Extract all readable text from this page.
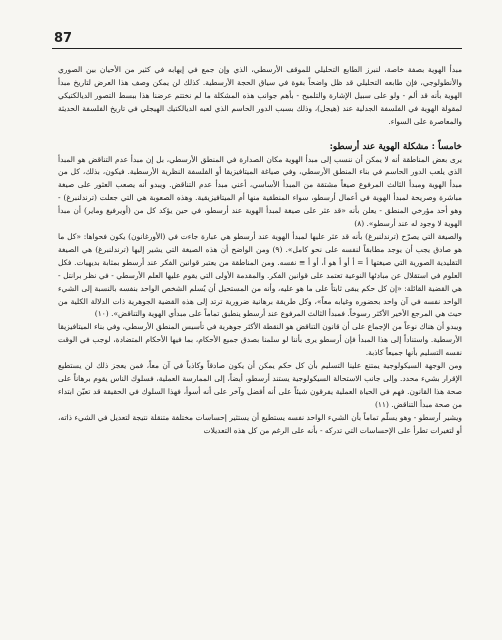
87

مبدأ الهوية بصفة خاصة، لنبرز الطابع التحليلي للموقف الأرسطي، الذي وإن جمع في إيهابه في كثير من الأحيان بين الصوري والأنطولوجي، فإن طابعه التحليلي قد ظل واضحاً بقوة في سياق الحجة الأرسطية. كذلك لن يمكن وصف هذا العرض لتاريخ مبدأ الهوية بأنه قد ألم - ولو على سبيل الإشارة والتلميح - بأهم جوانب هذه المشكلة ما لم نختتم عرضنا هذا ببسط التصور الديالكتيكي لمقولة الهوية في الفلسفة الجدلية عند (هيجل)، وذلك بسبب الدور الحاسم الذي لعبه الديالكتيك الهيجلي في تاريخ الفلسفة الحديثة والمعاصرة على السواء.

خامساً : مشكلة الهوية عند أرسطو:

يرى بعض المناطقة أنه لا يمكن أن ننسب إلى مبدأ الهوية مكان الصدارة في المنطق الأرسطي، بل إن مبدأ عدم التناقض هو المبدأ الذي يلعب الدور الحاسم في بناء المنطق الأرسطي، وفي صياغة الميتافيزيقا أو الفلسفة النظرية الأرسطية. فيكون، بذلك، كل من مبدأ الهوية ومبدأ الثالث المرفوع صيغاً مشتقة من المبدأ الأساسي، أعني مبدأ عدم التناقض. ويبدو أنه يصعب العثور على صيغة مباشرة وصريحة لمبدأ الهوية في أعمال أرسطو، سواء المنطقية منها أم الميتافيزيقية. وهذه الصعوبة هي التي جعلت (ترندلنبرغ) - وهو أحد مؤرخي المنطق - يعلن بأنه «قد عثر على صيغة لمبدأ الهوية عند أرسطو، في حين يؤكد كل من (أويرفيغ وماير) أن مبدأ الهوية لا وجود له عند أرسطو». (٨)

والصيغة التي يصرّح (ترندلنبرغ) بأنه قد عثر عليها لمبدأ الهوية عند أرسطو هي عبارة جاءت في (الأورغانون) يكون فحواها: «كل ما هو صادق يجب أن يوجد مطابقاً لنفسه على نحو كامل». (٩) ومن الواضح أن هذه الصيغة التي يشير إليها (ترندلنبرغ) هي الصيغة التقليدية الصورية التي صيغتها أ = أ أو أ هو أ، أو أ ≡ نفسه. ومن المناطقة من يعتبر قوانين الفكر عند أرسطو بمثابة بديهيات. فكل العلوم في استقلال عن مبادئها النوعية تعتمد على قوانين الفكر. والمقدمة الأولى التي يقوم عليها العلم الأرسطي - في نظر برانتل - هي القضية القائلة: «إن كل حكم يبقى ثابتاً على ما هو عليه، وأنه من المستحيل أن يُسلم الشخص الواحد بنفسه بالنسبة إلى الشيء الواحد نفسه في آن واحد بحضوره وغيابه معاً»، وكل طريقة برهانية ضرورية ترتد إلى هذه القضية الجوهرية ذات الدلالة الكلية من حيث هي المرجع الأخير الأكثر رسوخاً. فمبدأ الثالث المرفوع عند أرسطو ينطبق تماماً على مبدأي الهوية والتناقض». (١٠)

ويبدو أن هناك نوعاً من الإجماع على أن قانون التناقض هو النقطة الأكثر جوهرية في تأسيس المنطق الأرسطي، وفي بناء الميتافيزيقا الأرسطية. واستناداً إلى هذا المبدأ فإن أرسطو يرى بأننا لو سلمنا بصدق جميع الأحكام، بما فيها الأحكام المتضادة، لوجب في الوقت نفسه التسليم بأنها جميعاً كاذبة.

ومن الوجهة السيكولوجية يمتنع علينا التسليم بأن كل حكم يمكن أن يكون صادقاً وكاذباً في آن معاً، فمن يعجز ذلك لن يستطيع الإقرار بشيء محدد. وإلى جانب الاستحالة السيكولوجية يستند أرسطو، أيضاً، إلى الممارسة العملية، فسلوك الناس يقوم برهاناً على صحة هذا القانون. فهم في الحياة العملية يفرقون شيئاً على أنه أفضل وآخر على أنه أسوأ، فهذا السلوك في الحقيقة قد تعيّن ابتداء من صحة مبدأ التناقض. (١١)

ويشير أرسطو - وهو يسلّم تماماً بأن الشيء الواحد نفسه يستطيع أن يستثير إحساسات مختلفة متنقلة نتيجة لتعديل في الشيء ذاته، أو لتغيرات تطرأ على الإحساسات التي تدركه - بأنه على الرغم من كل هذه التعديلات
